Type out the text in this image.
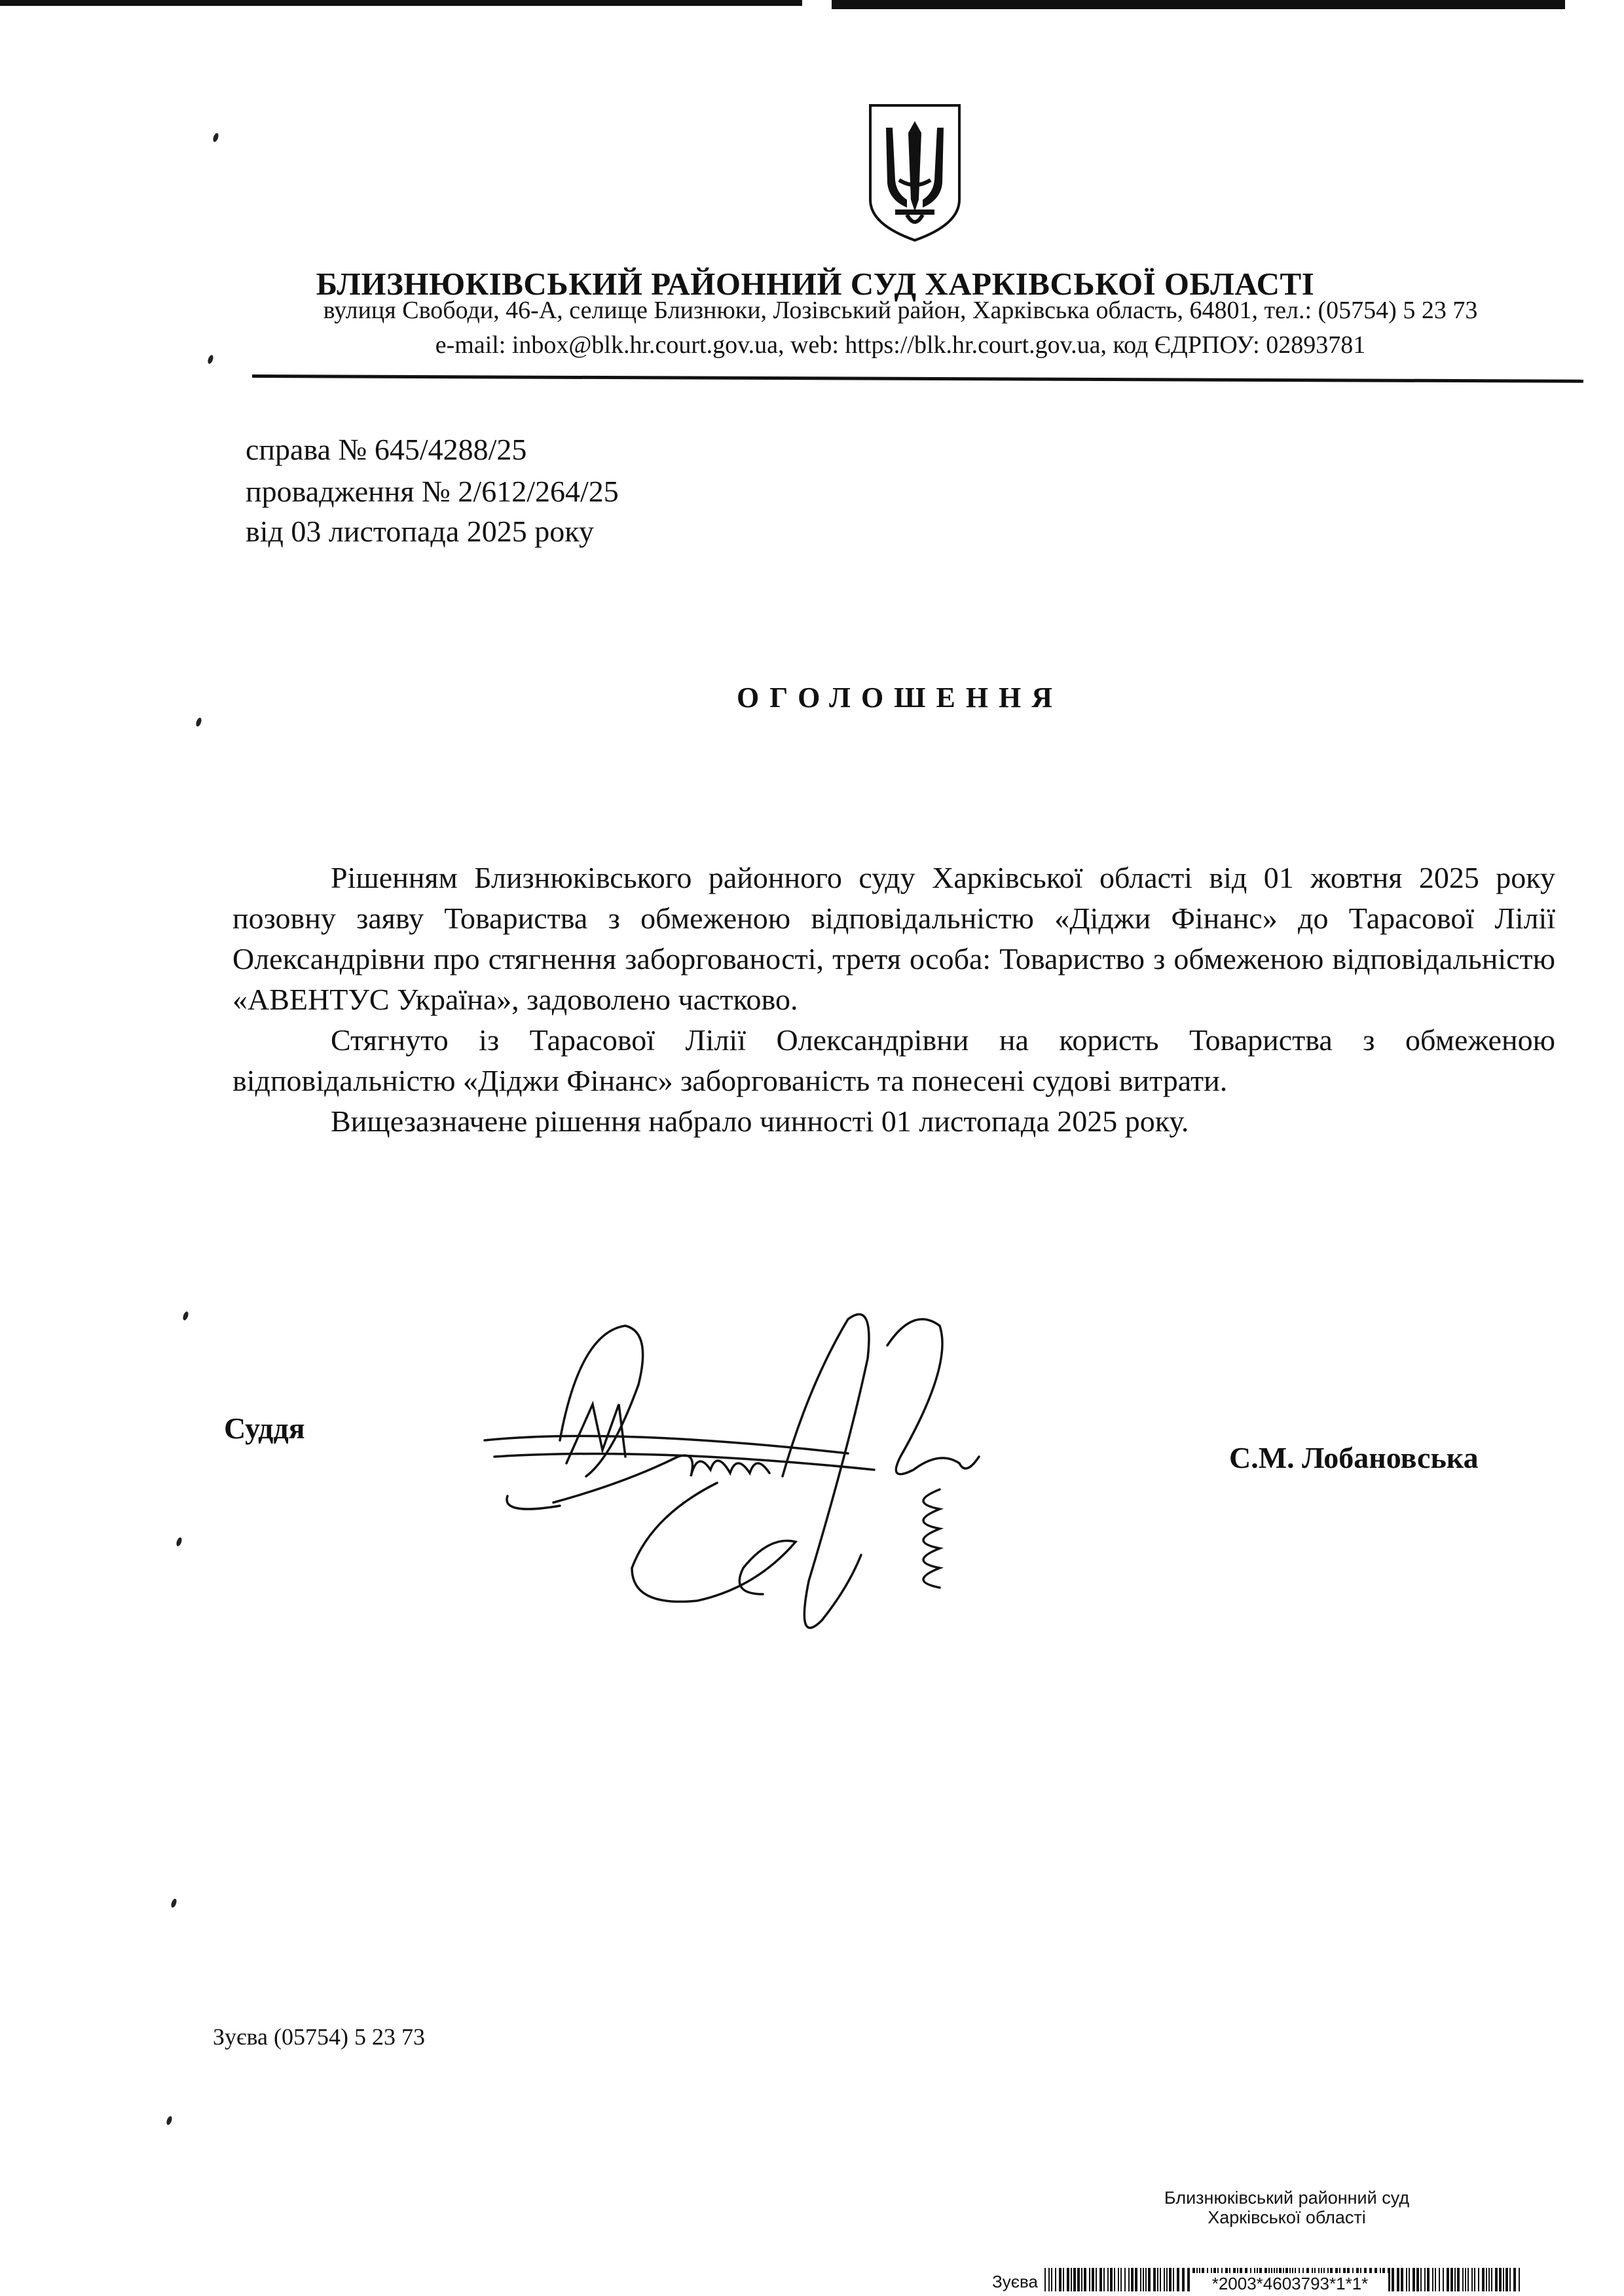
БЛИЗНЮКІВСЬКИЙ РАЙОННИЙ СУД ХАРКІВСЬКОЇ ОБЛАСТІ
вулиця Свободи, 46-А, селище Близнюки, Лозівський район, Харківська область, 64801, тел.: (05754) 5 23 73
e-mail: inbox@blk.hr.court.gov.ua, web: https://blk.hr.court.gov.ua, код ЄДРПОУ: 02893781
справа № 645/4288/25
провадження № 2/612/264/25
від 03 листопада 2025 року
ОГОЛОШЕННЯ

Рішенням Близнюківського районного суду Харківської області від 01 жовтня 2025 року позовну заяву Товариства з обмеженою відповідальністю «Діджи Фінанс» до Тарасової Лілії Олександрівни про стягнення заборгованості, третя особа: Товариство з обмеженою відповідальністю «АВЕНТУС Україна», задоволено частково.

Стягнуто із Тарасової Лілії Олександрівни на користь Товариства з обмеженою відповідальністю «Діджи Фінанс» заборгованість та понесені судові витрати.

Вищезазначене рішення набрало чинності 01 листопада 2025 року.

Суддя
С.М. Лобановська
Зуєва (05754) 5 23 73
Близнюківський районний суд
Харківської області
Зуєва	*2003*4603793*1*1*
